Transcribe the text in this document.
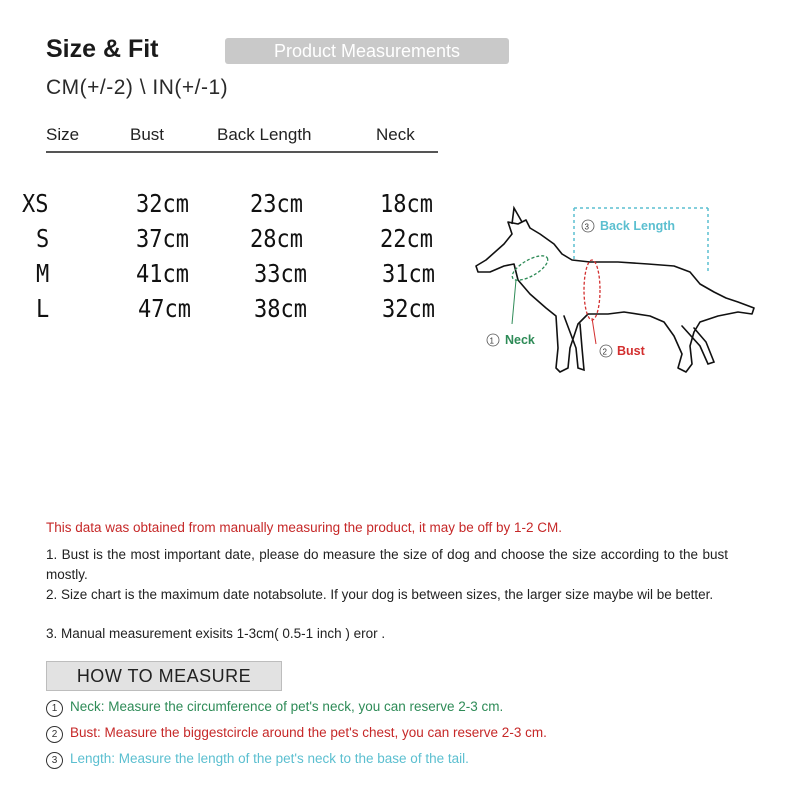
Size & Fit	Product Measurements
CM(+/-2) \ IN(+/-1)
Size	Bust	Back Length	Neck
XS	32cm	23cm	18cm
S	37cm	28cm	22cm
M	41cm	33cm	31cm
L	47cm	38cm	32cm
3 Back Length
1 Neck
2 Bust
This data was obtained from manually measuring the product, it may be off by 1-2 CM.
1. Bust is the most important date, please do measure the size of dog and choose the size according to the bust mostly.
2. Size chart is the maximum date notabsolute. If your dog is between sizes, the larger size maybe wil be better.
3. Manual measurement exisits 1-3cm( 0.5-1 inch ) eror .
HOW TO MEASURE
1 Neck: Measure the circumference of pet's neck, you can reserve 2-3 cm.
2 Bust: Measure the biggestcircle around the pet's chest, you can reserve 2-3 cm.
3 Length: Measure the length of the pet's neck to the base of the tail.
